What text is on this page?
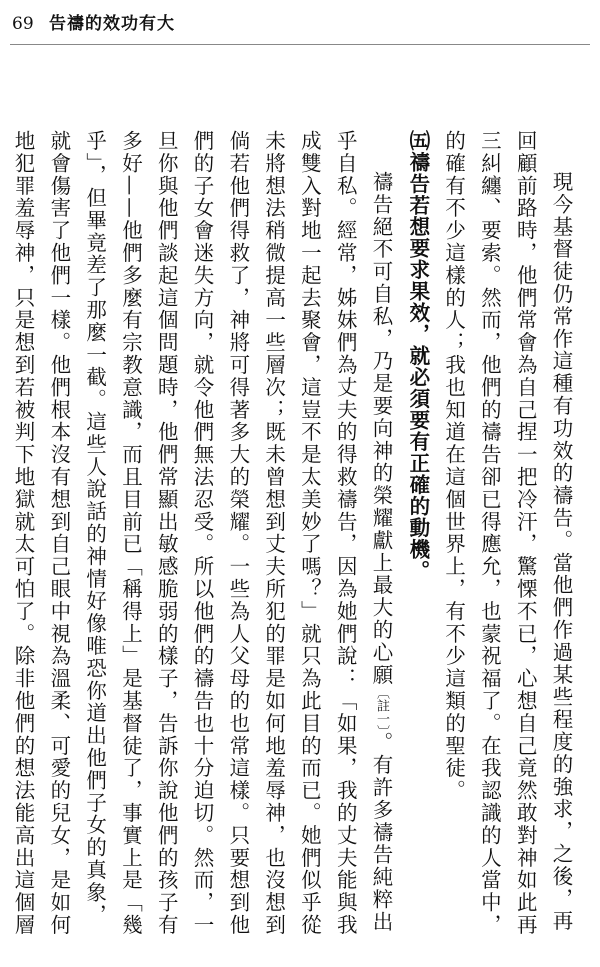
69 告禱的效功有大

現今基督徒仍常作這種有功效的禱告。當他們作過某些程度的強求，之後，再回顧前路時，他們常會為自己捏一把冷汗，驚慄不已，心想自己竟然敢對神如此再三糾纏、要索。然而，他們的禱告卻已得應允，也蒙祝福了。在我認識的人當中，的確有不少這樣的人；我也知道在這個世界上，有不少這類的聖徒。

㈤禱告若想要求果效，就必須要有正確的動機。

禱告絕不可自私，乃是要向神的榮耀獻上最大的心願〔註一〕。有許多禱告純粹出乎自私。經常，姊妹們為丈夫的得救禱告，因為她們說：「如果，我的丈夫能與我成雙入對地一起去聚會，這豈不是太美妙了嗎？」就只為此目的而已。她們似乎從未將想法稍微提高一些層次；既未曾想到丈夫所犯的罪是如何地羞辱神，也沒想到倘若他們得救了，神將可得著多大的榮耀。一些為人父母的也常這樣。只要想到他們的子女會迷失方向，就令他們無法忍受。所以他們的禱告也十分迫切。然而，一旦你與他們談起這個問題時，他們常顯出敏感脆弱的樣子，告訴你說他們的孩子有多好——他們多麼有宗教意識，而且目前已「稱得上」是基督徒了，事實上是「幾乎」，但畢竟差了那麼一截。這些人說話的神情好像唯恐你道出他們子女的真象，就會傷害了他們一樣。他們根本沒有想到自己眼中視為溫柔、可愛的兒女，是如何地犯罪羞辱神，只是想到若被判下地獄就太可怕了。除非他們的想法能高出這個層
